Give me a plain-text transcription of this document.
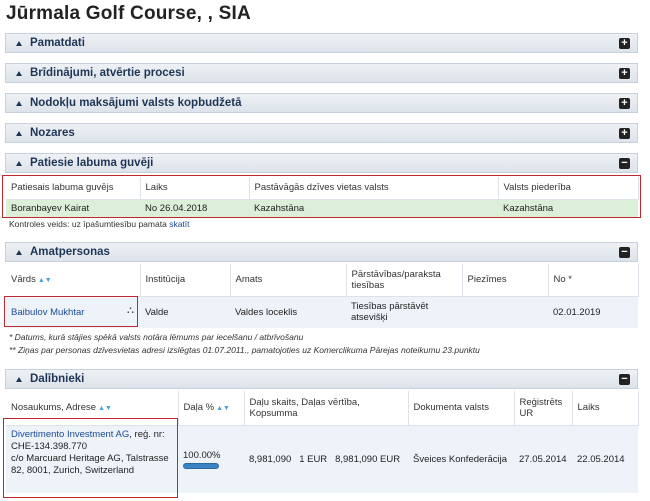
Jūrmala Golf Course, , SIA
Pamatdati	+
Brīdinājumi, atvērtie procesi	+
Nodokļu maksājumi valsts kopbudžetā	+
Nozares	+
Patiesie labuma guvēji	−
Patiesais labuma guvējs	Laiks	Pastāvāgās dzīves vietas valsts	Valsts piederība
Boranbayev Kairat	No 26.04.2018	Kazahstāna	Kazahstāna
Kontroles veids: uz īpašumtiesību pamata skatīt
Amatpersonas	−
Vārds ▲▼	Institūcija	Amats	Pārstāvības/paraksta tiesības	Piezīmes	No *
Baibulov Mukhtar ⛬	Valde	Valdes loceklis	Tiesības pārstāvēt atsevišķi		02.01.2019
* Datums, kurā stājies spēkā valsts notāra lēmums par iecelšanu / atbrīvošanu
** Ziņas par personas dzīvesvietas adresi izslēgtas 01.07.2011., pamatojoties uz Komerclikuma Pārejas noteikumu 23.punktu
Dalībnieki	−
Nosaukums, Adrese ▲▼	Daļa % ▲▼	Daļu skaits, Daļas vērtība, Kopsumma	Dokumenta valsts	Reģistrēts UR	Laiks
Divertimento Investment AG, reģ. nr: CHE-134.398.770
c/o Marcuard Heritage AG, Talstrasse 82, 8001, Zurich, Switzerland	100.00%	8,981,090 1 EUR 8,981,090 EUR	Šveices Konfederācija	27.05.2014	22.05.2014
